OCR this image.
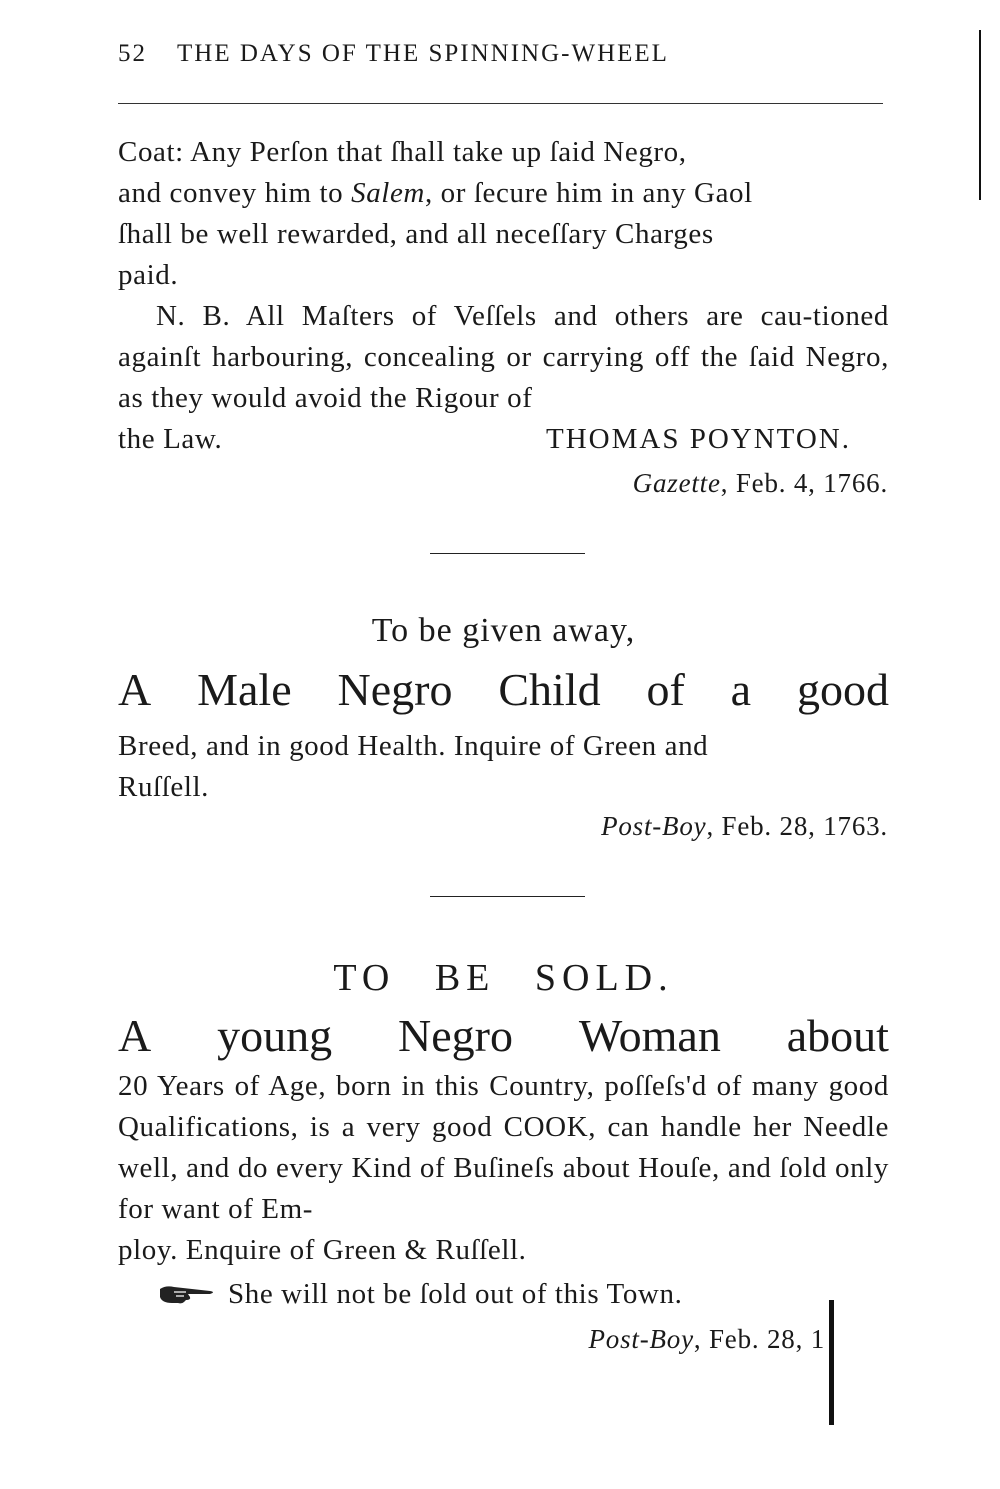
52 THE DAYS OF THE SPINNING-WHEEL
Coat: Any Perſon that ſhall take up ſaid Negro,
and convey him to Salem, or ſecure him in any Gaol
ſhall be well rewarded, and all neceſſary Charges
paid.
N. B. All Maſters of Veſſels and others are cau-tioned againſt harbouring, concealing or carrying off the ſaid Negro, as they would avoid the Rigour of
the Law.	THOMAS POYNTON.
Gazette, Feb. 4, 1766.
To be given away,
A Male Negro Child of a good
Breed, and in good Health. Inquire of Green and
Ruſſell.
Post-Boy, Feb. 28, 1763.
TO BE SOLD.
A young Negro Woman about
20 Years of Age, born in this Country, poſſeſs'd of many good Qualifications, is a very good COOK, can handle her Needle well, and do every Kind of Buſineſs about Houſe, and ſold only for want of Em-
ploy. Enquire of Green & Ruſſell.
She will not be ſold out of this Town.
Post-Boy, Feb. 28, 1
